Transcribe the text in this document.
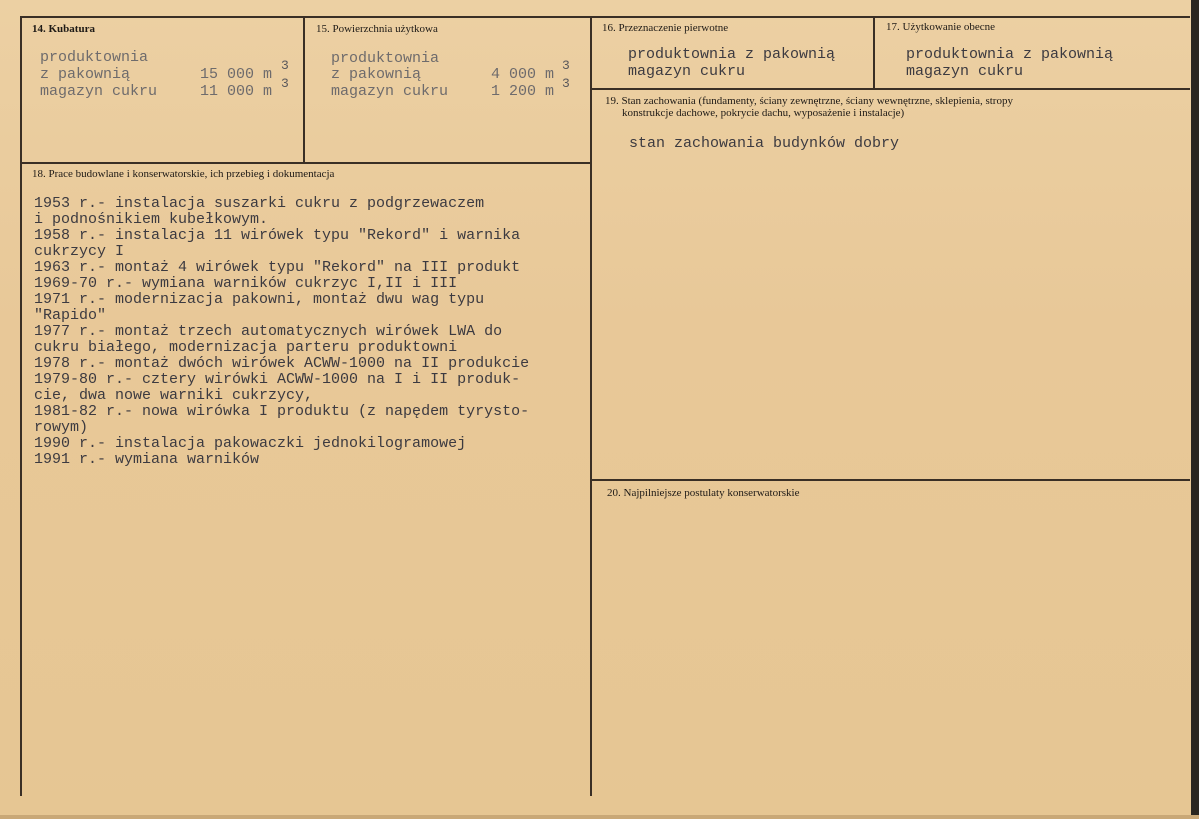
14. Kubatura
produktownia
z pakownią	15 000 m
magazyn cukru	11 000 m
3
3
15. Powierzchnia użytkowa
produktownia
z pakownią	4 000 m
magazyn cukru	1 200 m
3
3
16. Przeznaczenie pierwotne
produktownia z pakownią
magazyn cukru
17. Użytkowanie obecne
produktownia z pakownią
magazyn cukru
18. Prace budowlane i konserwatorskie, ich przebieg i dokumentacja
1953 r.- instalacja suszarki cukru z podgrzewaczem
i podnośnikiem kubełkowym.
1958 r.- instalacja 11 wirówek typu "Rekord" i warnika
cukrzycy I
1963 r.- montaż 4 wirówek typu "Rekord" na III produkt
1969-70 r.- wymiana warników cukrzyc I,II i III
1971 r.- modernizacja pakowni, montaż dwu wag typu
"Rapido"
1977 r.- montaż trzech automatycznych wirówek LWA do
cukru białego, modernizacja parteru produktowni
1978 r.- montaż dwóch wirówek ACWW-1000 na II produkcie
1979-80 r.- cztery wirówki ACWW-1000 na I i II produk-
cie, dwa nowe warniki cukrzycy,
1981-82 r.- nowa wirówka I produktu (z napędem tyrysto-
rowym)
1990 r.- instalacja pakowaczki jednokilogramowej
1991 r.- wymiana warników
19. Stan zachowania (fundamenty, ściany zewnętrzne, ściany wewnętrzne, sklepienia, stropy
konstrukcje dachowe, pokrycie dachu, wyposażenie i instalacje)
stan zachowania budynków dobry
20. Najpilniejsze postulaty konserwatorskie
